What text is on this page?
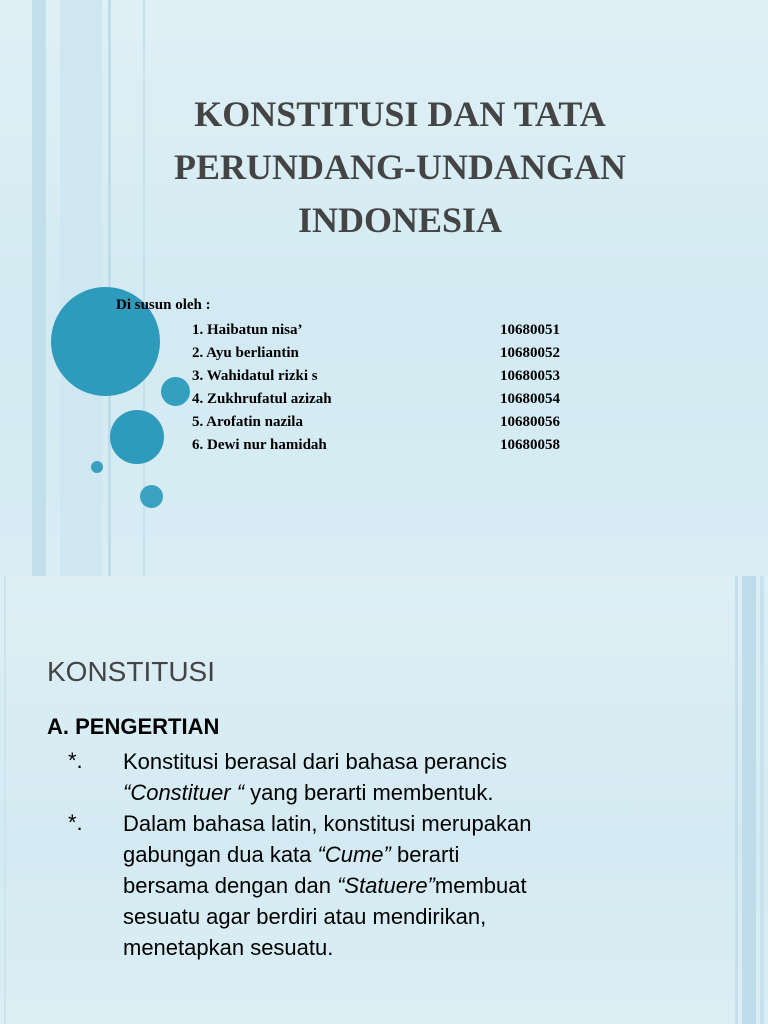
KONSTITUSI DAN TATA
PERUNDANG-UNDANGAN
INDONESIA
Di susun oleh :
1. Haibatun nisa’	10680051
2. Ayu berliantin	10680052
3. Wahidatul rizki s	10680053
4. Zukhrufatul azizah	10680054
5. Arofatin nazila	10680056
6. Dewi nur hamidah	10680058
KONSTITUSI
A. PENGERTIAN
*. Konstitusi berasal dari bahasa perancis
“Constituer “ yang berarti membentuk.
*. Dalam bahasa latin, konstitusi merupakan
gabungan dua kata “Cume” berarti
bersama dengan dan “Statuere”membuat
sesuatu agar berdiri atau mendirikan,
menetapkan sesuatu.
